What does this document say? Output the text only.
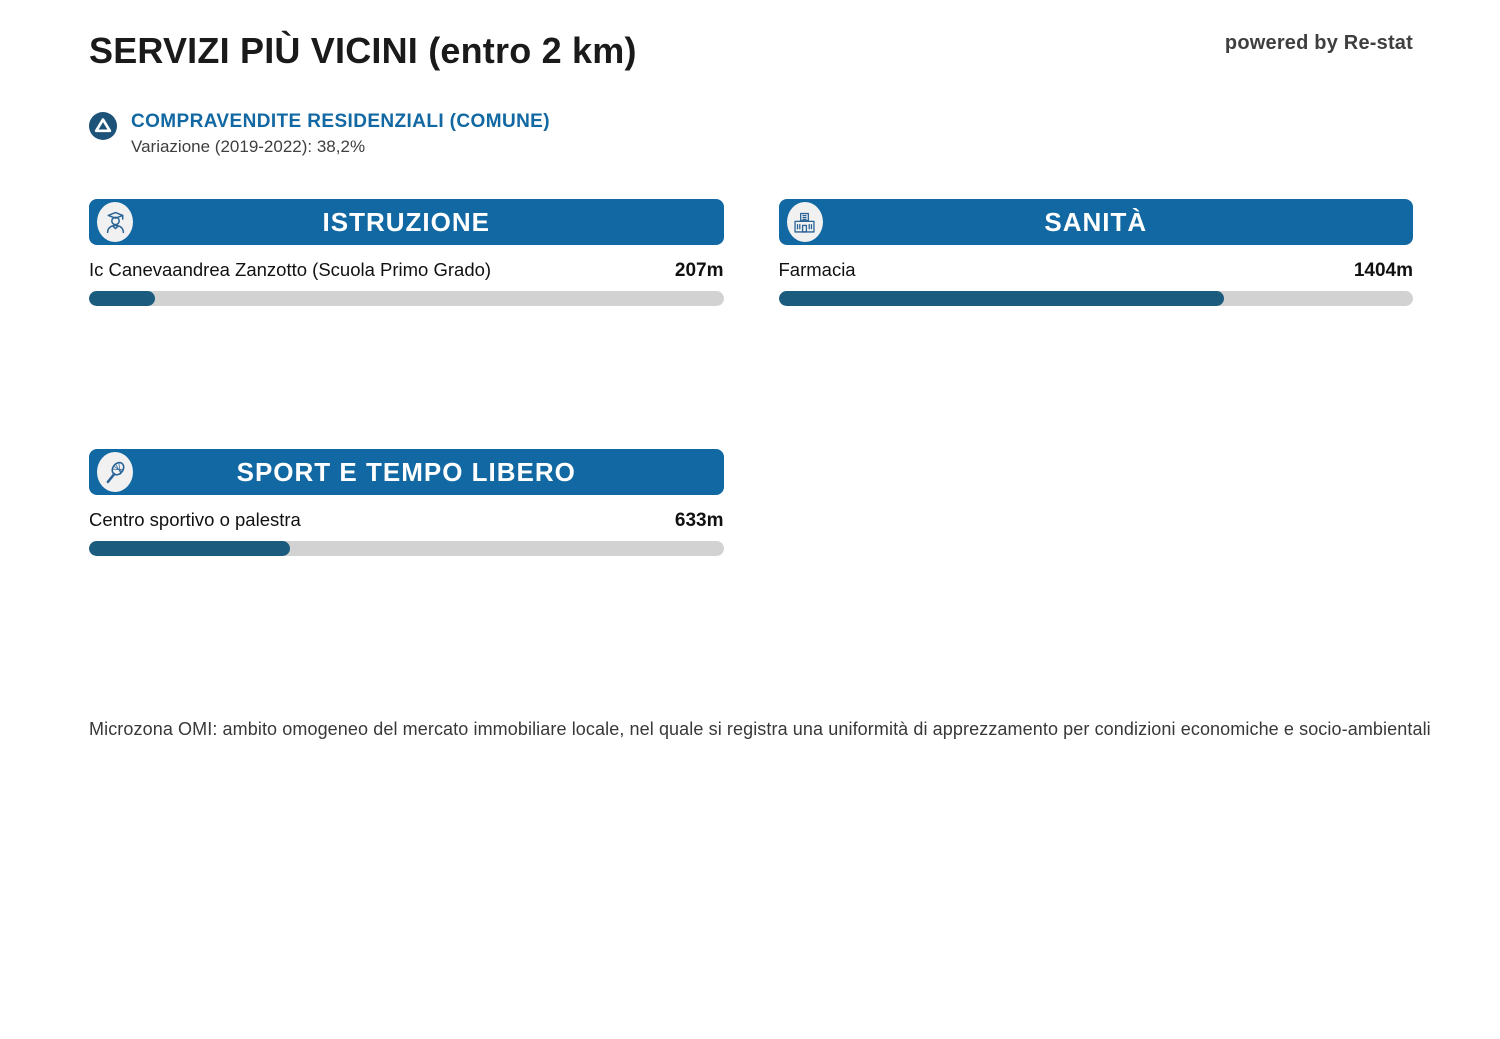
SERVIZI PIÙ VICINI (entro 2 km)	powered by Re-stat
COMPRAVENDITE RESIDENZIALI (COMUNE)
Variazione (2019-2022): 38,2%
ISTRUZIONE
Ic Canevaandrea Zanzotto (Scuola Primo Grado)	207m
SANITÀ
Farmacia	1404m
SPORT E TEMPO LIBERO
Centro sportivo o palestra	633m

Microzona OMI: ambito omogeneo del mercato immobiliare locale, nel quale si registra una uniformità di apprezzamento per condizioni economiche e socio-ambientali
